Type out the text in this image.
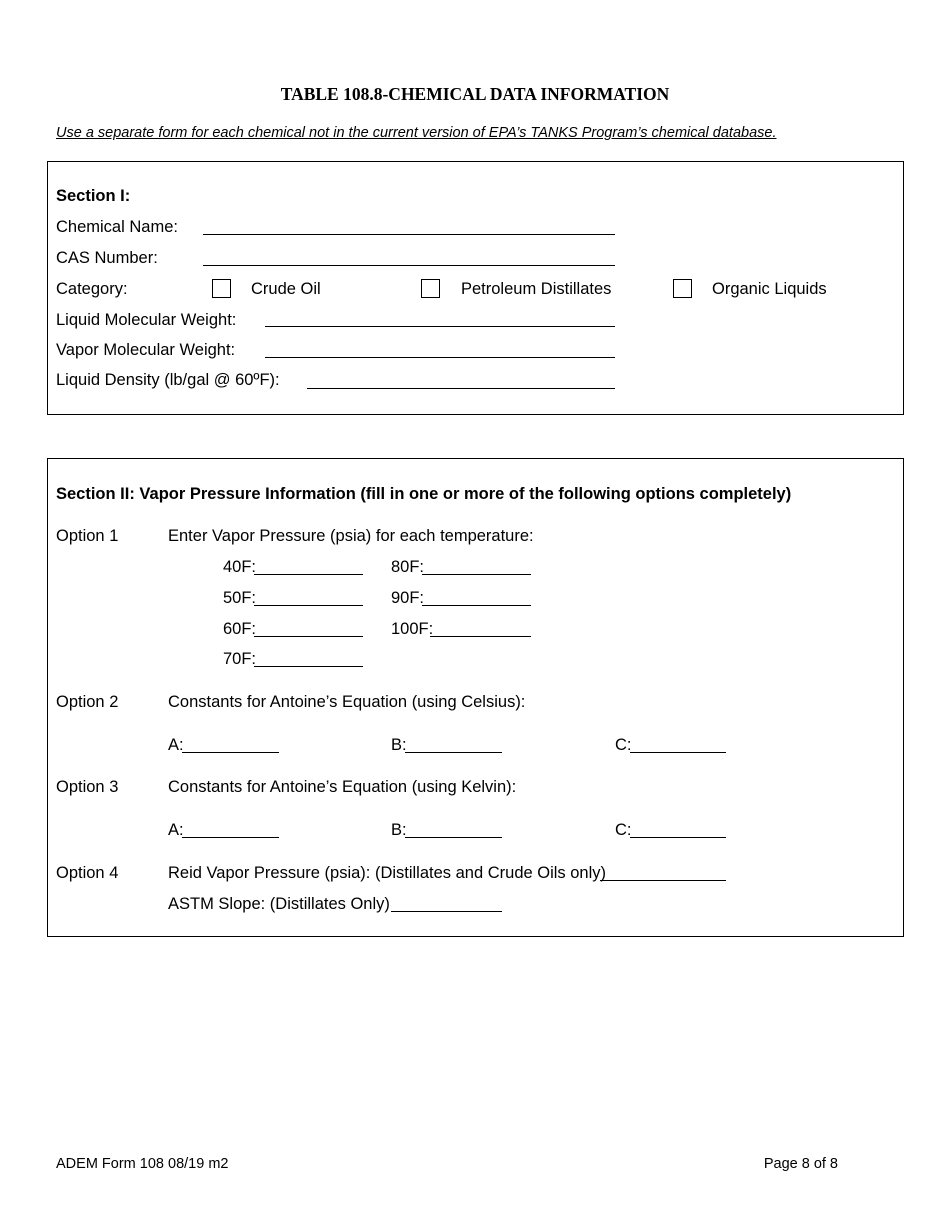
TABLE 108.8-CHEMICAL DATA INFORMATION
Use a separate form for each chemical not in the current version of EPA’s TANKS Program’s chemical database.
Section I:
Chemical Name:
CAS Number:
Category:	Crude Oil	Petroleum Distillates	Organic Liquids
Liquid Molecular Weight:
Vapor Molecular Weight:
Liquid Density (lb/gal @ 60ºF):
Section II: Vapor Pressure Information (fill in one or more of the following options completely)
Option 1	Enter Vapor Pressure (psia) for each temperature:
40F:	80F:
50F:	90F:
60F:	100F:
70F:
Option 2	Constants for Antoine’s Equation (using Celsius):
A:	B:	C:
Option 3	Constants for Antoine’s Equation (using Kelvin):
A:	B:	C:
Option 4	Reid Vapor Pressure (psia): (Distillates and Crude Oils only)
ASTM Slope: (Distillates Only)
ADEM Form 108 08/19 m2	Page 8 of 8
